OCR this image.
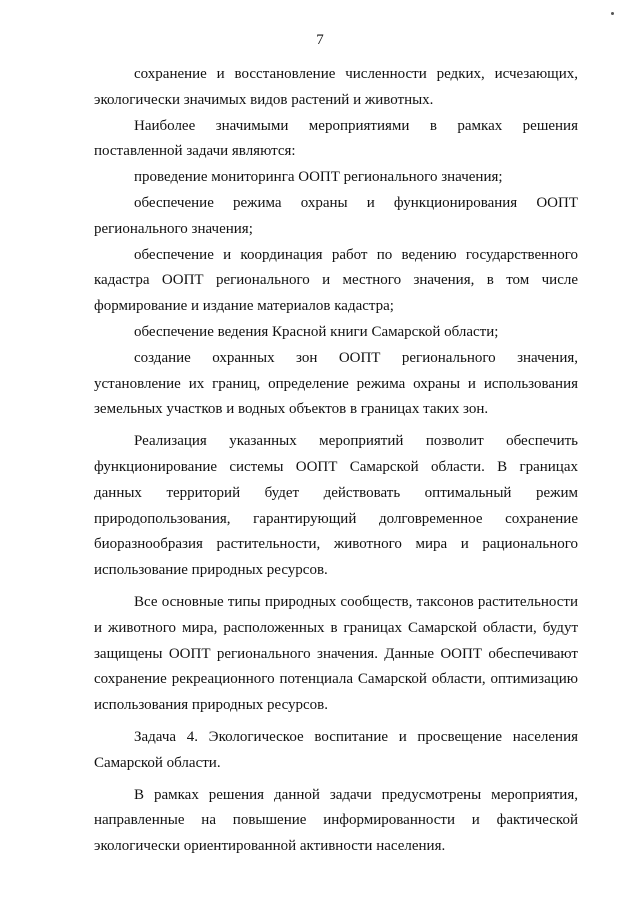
7

сохранение и восстановление численности редких, исчезающих, экологически значимых видов растений и животных.

Наиболее значимыми мероприятиями в рамках решения поставленной задачи являются:

проведение мониторинга ООПТ регионального значения;

обеспечение режима охраны и функционирования ООПТ регионального значения;

обеспечение и координация работ по ведению государственного кадастра ООПТ регионального и местного значения, в том числе формирование и издание материалов кадастра;

обеспечение ведения Красной книги Самарской области;

создание охранных зон ООПТ регионального значения, установление их границ, определение режима охраны и использования земельных участков и водных объектов в границах таких зон.

Реализация указанных мероприятий позволит обеспечить функционирование системы ООПТ Самарской области. В границах данных территорий будет действовать оптимальный режим природопользования, гарантирующий долговременное сохранение биоразнообразия растительности, животного мира и рационального использование природных ресурсов.

Все основные типы природных сообществ, таксонов растительности и животного мира, расположенных в границах Самарской области, будут защищены ООПТ регионального значения. Данные ООПТ обеспечивают сохранение рекреационного потенциала Самарской области, оптимизацию использования природных ресурсов.

Задача 4. Экологическое воспитание и просвещение населения Самарской области.

В рамках решения данной задачи предусмотрены мероприятия, направленные на повышение информированности и фактической экологически ориентированной активности населения.
